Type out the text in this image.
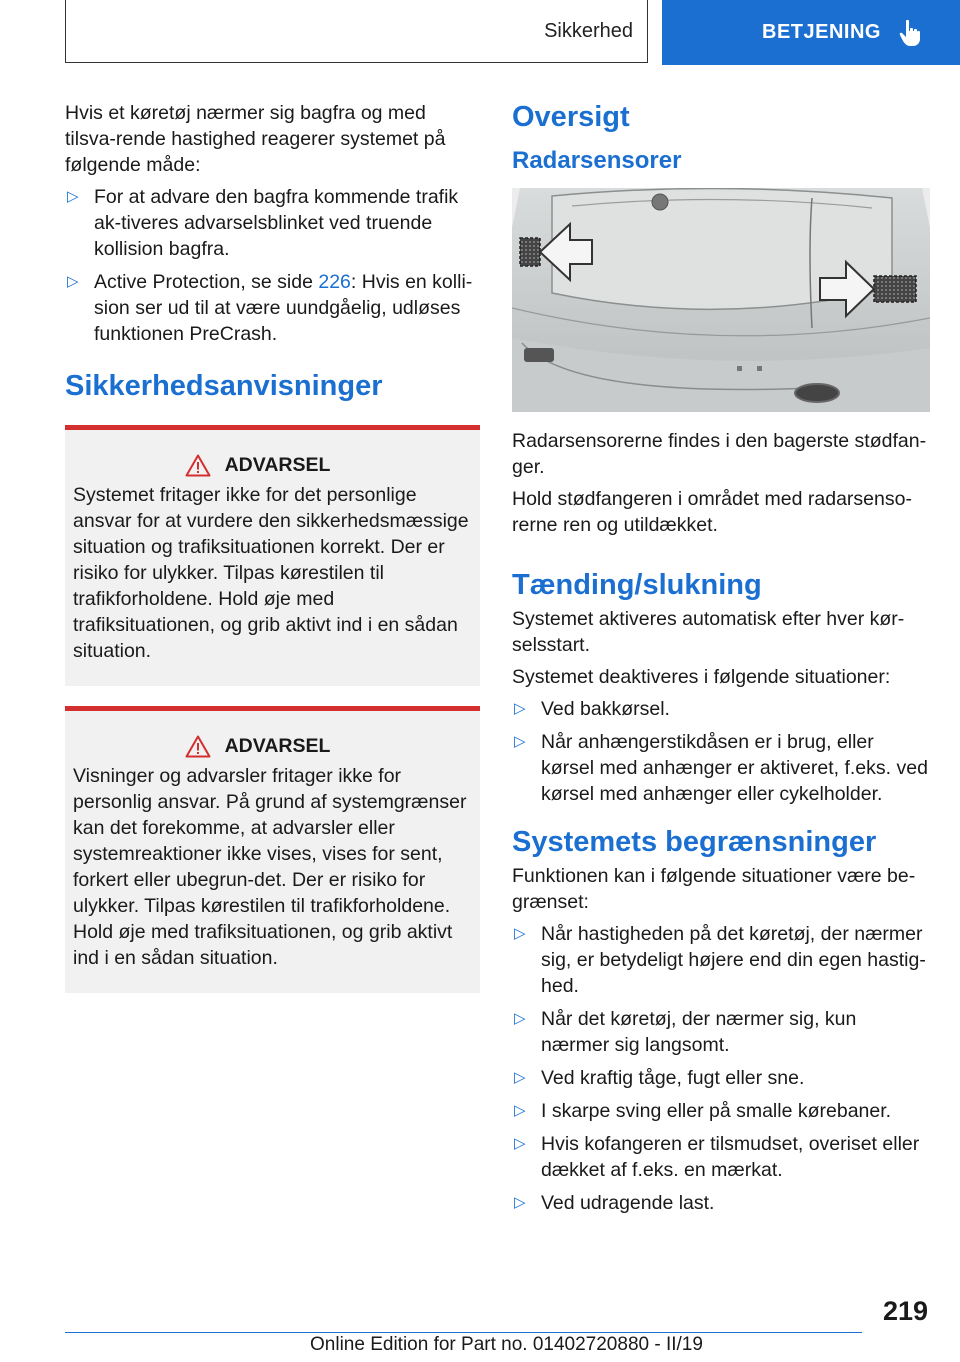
Sikkerhed	BETJENING

Hvis et køretøj nærmer sig bagfra og med tilsva-rende hastighed reagerer systemet på følgende måde:

▷ For at advare den bagfra kommende trafik ak-tiveres advarselsblinket ved truende kollision bagfra.
▷ Active Protection, se side 226: Hvis en kolli-sion ser ud til at være uundgåelig, udløses funktionen PreCrash.
Sikkerhedsanvisninger
ADVARSEL
Systemet fritager ikke for det personlige ansvar for at vurdere den sikkerhedsmæssige situation og trafiksituationen korrekt. Der er risiko for ulykker. Tilpas kørestilen til trafikforholdene. Hold øje med trafiksituationen, og grib aktivt ind i en sådan situation.
ADVARSEL
Visninger og advarsler fritager ikke for personlig ansvar. På grund af systemgrænser kan det forekomme, at advarsler eller systemreaktioner ikke vises, vises for sent, forkert eller ubegrun-det. Der er risiko for ulykker. Tilpas kørestilen til trafikforholdene. Hold øje med trafiksituationen, og grib aktivt ind i en sådan situation.
Oversigt
Radarsensorer

Radarsensorerne findes i den bagerste stødfan-ger.

Hold stødfangeren i området med radarsenso-rerne ren og utildækket.

Tænding/slukning

Systemet aktiveres automatisk efter hver kør-selsstart.

Systemet deaktiveres i følgende situationer:

▷ Ved bakkørsel.
▷ Når anhængerstikdåsen er i brug, eller kørsel med anhænger er aktiveret, f.eks. ved kørsel med anhænger eller cykelholder.
Systemets begrænsninger

Funktionen kan i følgende situationer være be-grænset:

▷ Når hastigheden på det køretøj, der nærmer sig, er betydeligt højere end din egen hastig-hed.
▷ Når det køretøj, der nærmer sig, kun nærmer sig langsomt.
▷ Ved kraftig tåge, fugt eller sne.
▷ I skarpe sving eller på smalle kørebaner.
▷ Hvis kofangeren er tilsmudset, overiset eller dækket af f.eks. en mærkat.
▷ Ved udragende last.
219
Online Edition for Part no. 01402720880 - II/19
